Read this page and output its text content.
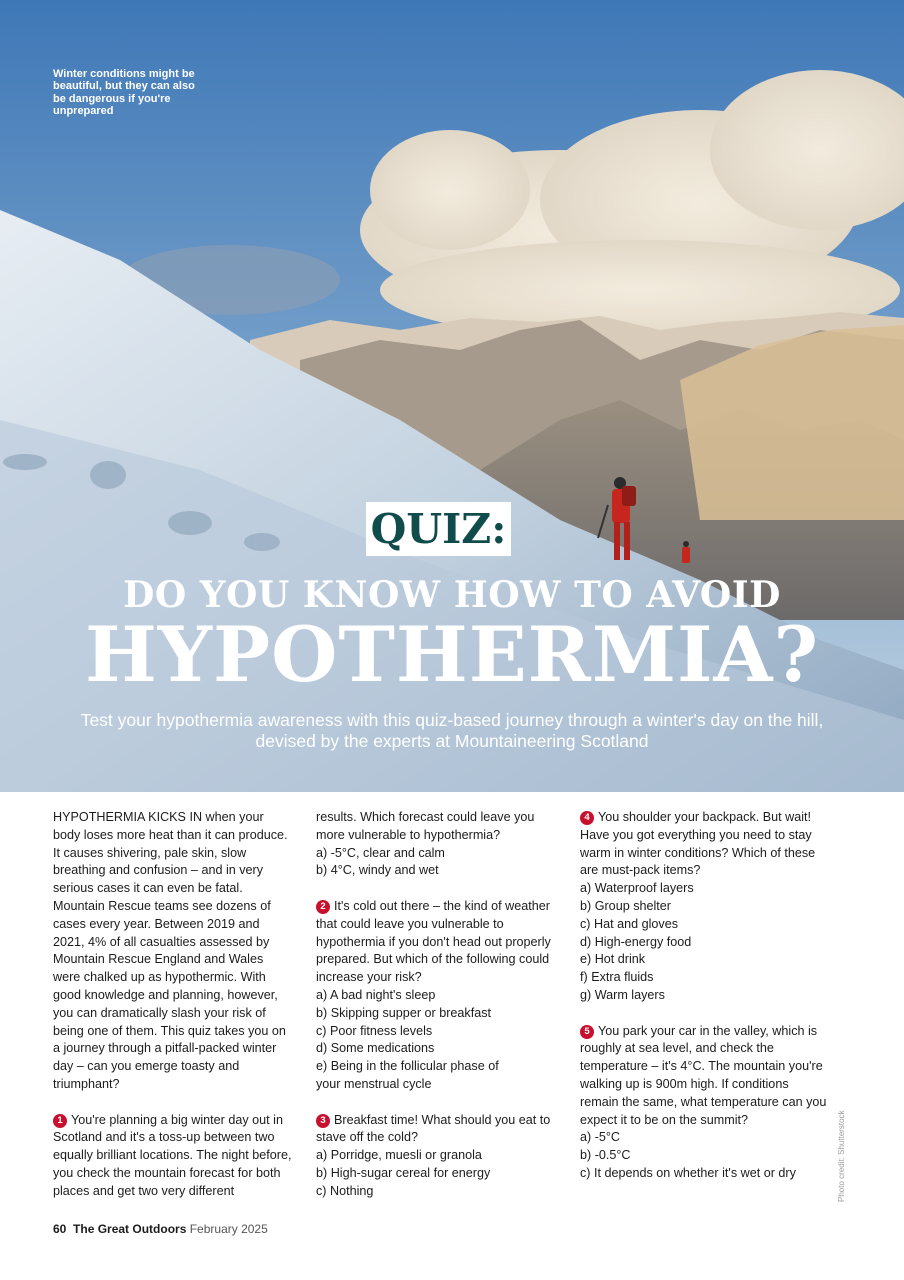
Winter conditions might be beautiful, but they can also be dangerous if you're unprepared
QUIZ:
DO YOU KNOW HOW TO AVOID
HYPOTHERMIA?
Test your hypothermia awareness with this quiz-based journey through a winter's day on the hill, devised by the experts at Mountaineering Scotland

HYPOTHERMIA KICKS IN when your body loses more heat than it can produce. It causes shivering, pale skin, slow breathing and confusion – and in very serious cases it can even be fatal. Mountain Rescue teams see dozens of cases every year. Between 2019 and 2021, 4% of all casualties assessed by Mountain Rescue England and Wales were chalked up as hypothermic. With good knowledge and planning, however, you can dramatically slash your risk of being one of them. This quiz takes you on a journey through a pitfall-packed winter day – can you emerge toasty and triumphant?

1 You're planning a big winter day out in Scotland and it's a toss-up between two equally brilliant locations. The night before, you check the mountain forecast for both places and get two very different

results. Which forecast could leave you more vulnerable to hypothermia?

a) -5°C, clear and calm

b) 4°C, windy and wet

2 It's cold out there – the kind of weather that could leave you vulnerable to hypothermia if you don't head out properly prepared. But which of the following could increase your risk?

a) A bad night's sleep

b) Skipping supper or breakfast

c) Poor fitness levels

d) Some medications

e) Being in the follicular phase of your menstrual cycle

3 Breakfast time! What should you eat to stave off the cold?

a) Porridge, muesli or granola

b) High-sugar cereal for energy

c) Nothing

4 You shoulder your backpack. But wait! Have you got everything you need to stay warm in winter conditions? Which of these are must-pack items?

a) Waterproof layers

b) Group shelter

c) Hat and gloves

d) High-energy food

e) Hot drink

f) Extra fluids

g) Warm layers

5 You park your car in the valley, which is roughly at sea level, and check the temperature – it's 4°C. The mountain you're walking up is 900m high. If conditions remain the same, what temperature can you expect it to be on the summit?

a) -5°C

b) -0.5°C

c) It depends on whether it's wet or dry	Photo credit: Shutterstock
60 The Great Outdoors February 2025
